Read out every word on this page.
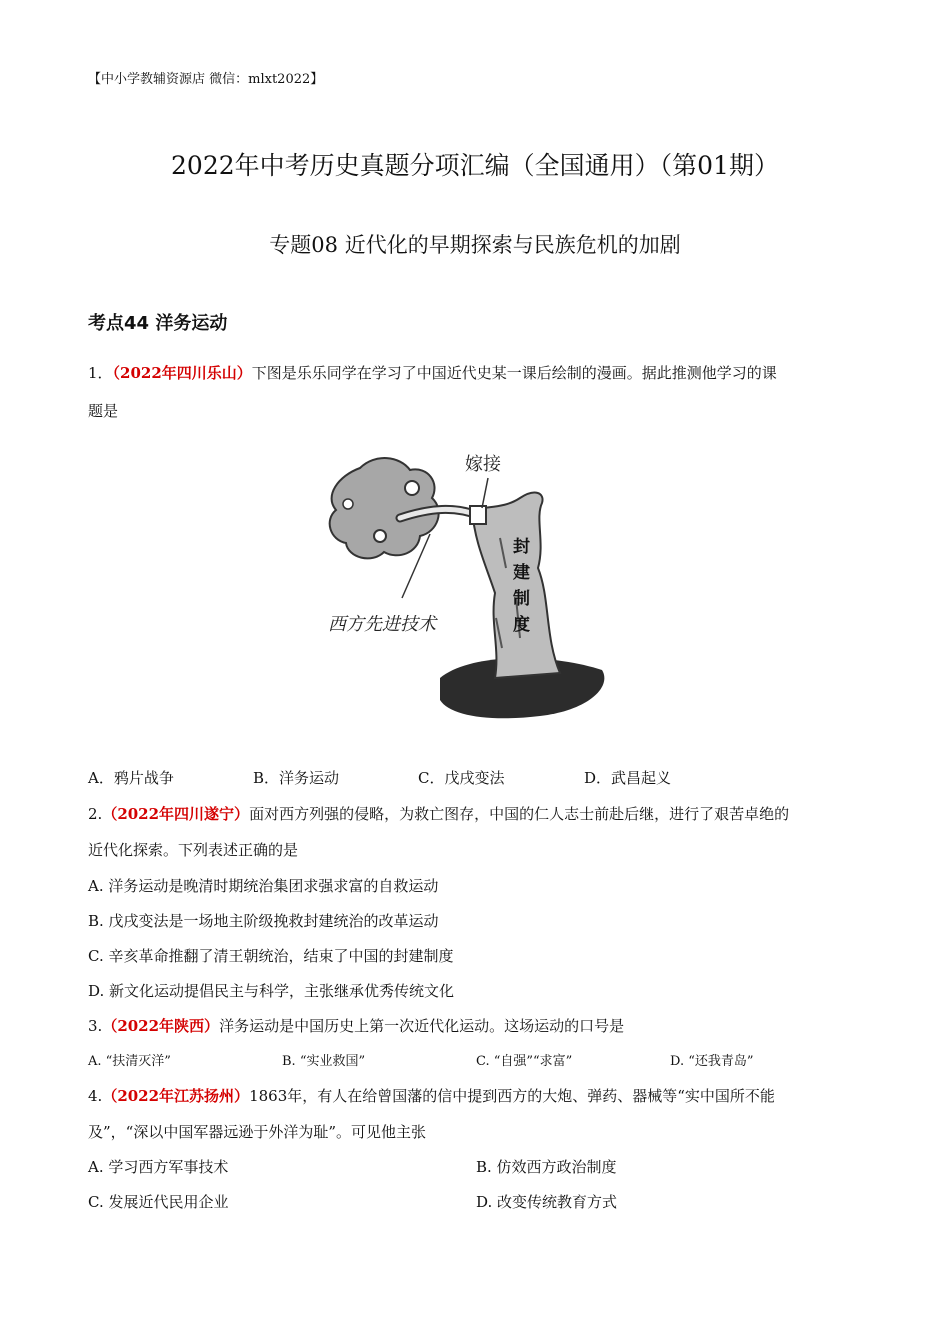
【中小学教辅资源店 微信：mlxt2022】
2022年中考历史真题分项汇编（全国通用）（第01期）
专题08 近代化的早期探索与民族危机的加剧
考点44 洋务运动
1．（2022年四川乐山）下图是乐乐同学在学习了中国近代史某一课后绘制的漫画。据此推测他学习的课
题是
嫁接
封
建
制
度
西方先进技术
A．鸦片战争	B．洋务运动	C．戊戌变法	D．武昌起义
2.（2022年四川遂宁）面对西方列强的侵略，为救亡图存，中国的仁人志士前赴后继，进行了艰苦卓绝的
近代化探索。下列表述正确的是
A. 洋务运动是晚清时期统治集团求强求富的自救运动
B. 戊戌变法是一场地主阶级挽救封建统治的改革运动
C. 辛亥革命推翻了清王朝统治，结束了中国的封建制度
D. 新文化运动提倡民主与科学，主张继承优秀传统文化
3.（2022年陕西）洋务运动是中国历史上第一次近代化运动。这场运动的口号是
A. “扶清灭洋”	B. “实业救国”	C. “自强”“求富”	D. “还我青岛”
4.（2022年江苏扬州）1863年，有人在给曾国藩的信中提到西方的大炮、弹药、器械等“实中国所不能
及”，“深以中国军器远逊于外洋为耻”。可见他主张
A. 学习西方军事技术	B. 仿效西方政治制度
C. 发展近代民用企业	D. 改变传统教育方式
